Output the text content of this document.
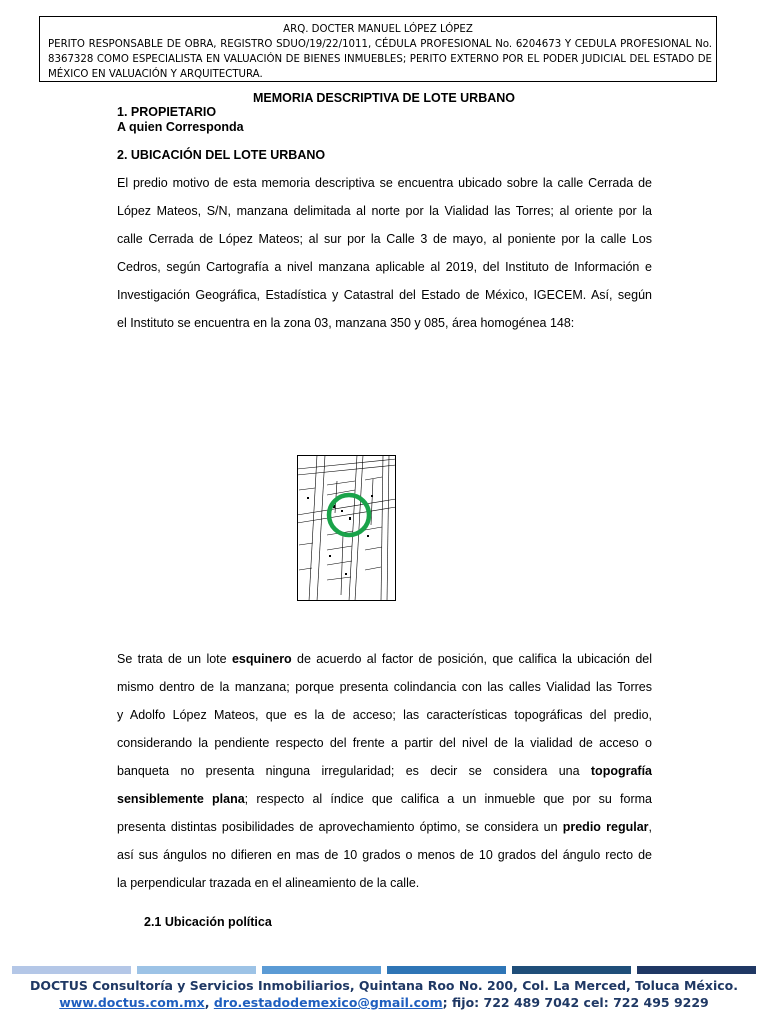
ARQ. DOCTER MANUEL LÓPEZ LÓPEZ
PERITO RESPONSABLE DE OBRA, REGISTRO SDUO/19/22/1011, CÉDULA PROFESIONAL No. 6204673 Y CEDULA PROFESIONAL No. 8367328 COMO ESPECIALISTA EN VALUACIÓN DE BIENES INMUEBLES; PERITO EXTERNO POR EL PODER JUDICIAL DEL ESTADO DE MÉXICO EN VALUACIÓN Y ARQUITECTURA.
MEMORIA DESCRIPTIVA DE LOTE URBANO
1. PROPIETARIO
A quien Corresponda
2. UBICACIÓN DEL LOTE URBANO
El predio motivo de esta memoria descriptiva se encuentra ubicado sobre la calle Cerrada de
López Mateos, S/N, manzana delimitada al norte por la Vialidad las Torres; al oriente por la
calle Cerrada de López Mateos; al sur por la Calle 3 de mayo, al poniente por la calle Los
Cedros, según Cartografía a nivel manzana aplicable al 2019, del Instituto de Información e
Investigación Geográfica, Estadística y Catastral del Estado de México, IGECEM. Así, según
el Instituto se encuentra en la zona 03, manzana 350 y 085, área homogénea 148:
Se trata de un lote esquinero de acuerdo al factor de posición, que califica la ubicación del
mismo dentro de la manzana; porque presenta colindancia con las calles Vialidad las Torres
y Adolfo López Mateos, que es la de acceso; las características topográficas del predio,
considerando la pendiente respecto del frente a partir del nivel de la vialidad de acceso o
banqueta no presenta ninguna irregularidad; es decir se considera una topografía
sensiblemente plana; respecto al índice que califica a un inmueble que por su forma
presenta distintas posibilidades de aprovechamiento óptimo, se considera un predio regular,
así sus ángulos no difieren en mas de 10 grados o menos de 10 grados del ángulo recto de
la perpendicular trazada en el alineamiento de la calle.
2.1 Ubicación política
DOCTUS Consultoría y Servicios Inmobiliarios, Quintana Roo No. 200, Col. La Merced, Toluca México.
www.doctus.com.mx, dro.estadodemexico@gmail.com; fijo: 722 489 7042 cel: 722 495 9229
